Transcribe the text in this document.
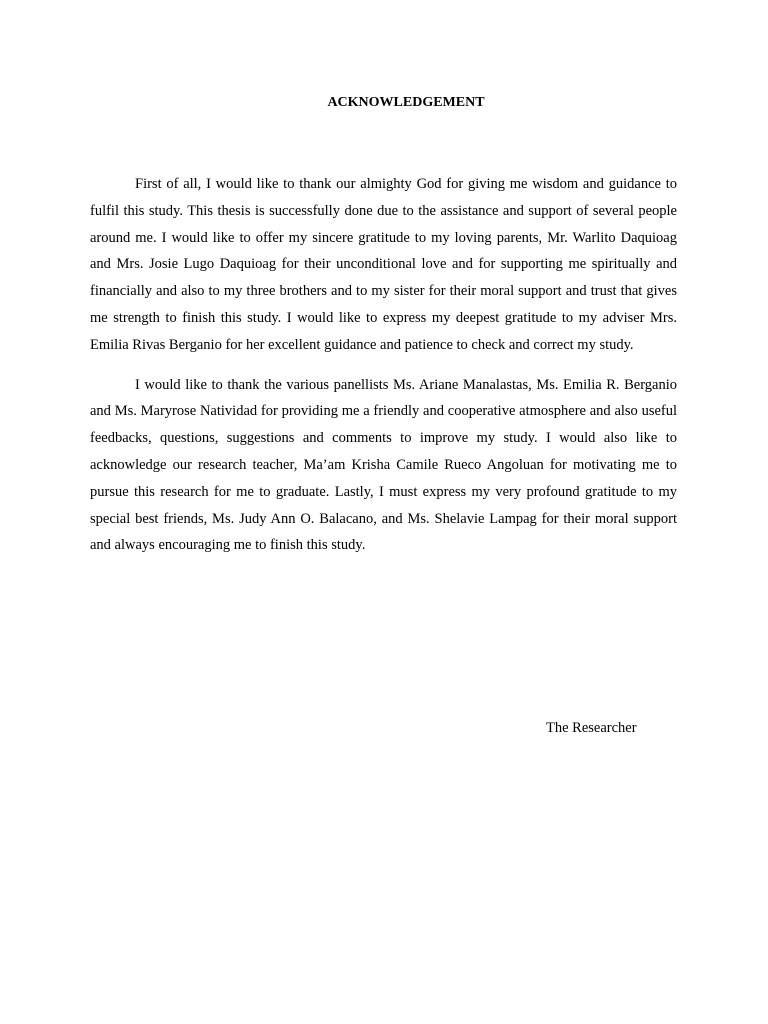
ACKNOWLEDGEMENT

First of all, I would like to thank our almighty God for giving me wisdom and guidance to fulfil this study. This thesis is successfully done due to the assistance and support of several people around me. I would like to offer my sincere gratitude to my loving parents, Mr. Warlito Daquioag and Mrs. Josie Lugo Daquioag for their unconditional love and for supporting me spiritually and financially and also to my three brothers and to my sister for their moral support and trust that gives me strength to finish this study. I would like to express my deepest gratitude to my adviser Mrs. Emilia Rivas Berganio for her excellent guidance and patience to check and correct my study.

I would like to thank the various panellists Ms. Ariane Manalastas, Ms. Emilia R. Berganio and Ms. Maryrose Natividad for providing me a friendly and cooperative atmosphere and also useful feedbacks, questions, suggestions and comments to improve my study. I would also like to acknowledge our research teacher, Ma’am Krisha Camile Rueco Angoluan for motivating me to pursue this research for me to graduate. Lastly, I must express my very profound gratitude to my special best friends, Ms. Judy Ann O. Balacano, and Ms. Shelavie Lampag for their moral support and always encouraging me to finish this study.

The Researcher
